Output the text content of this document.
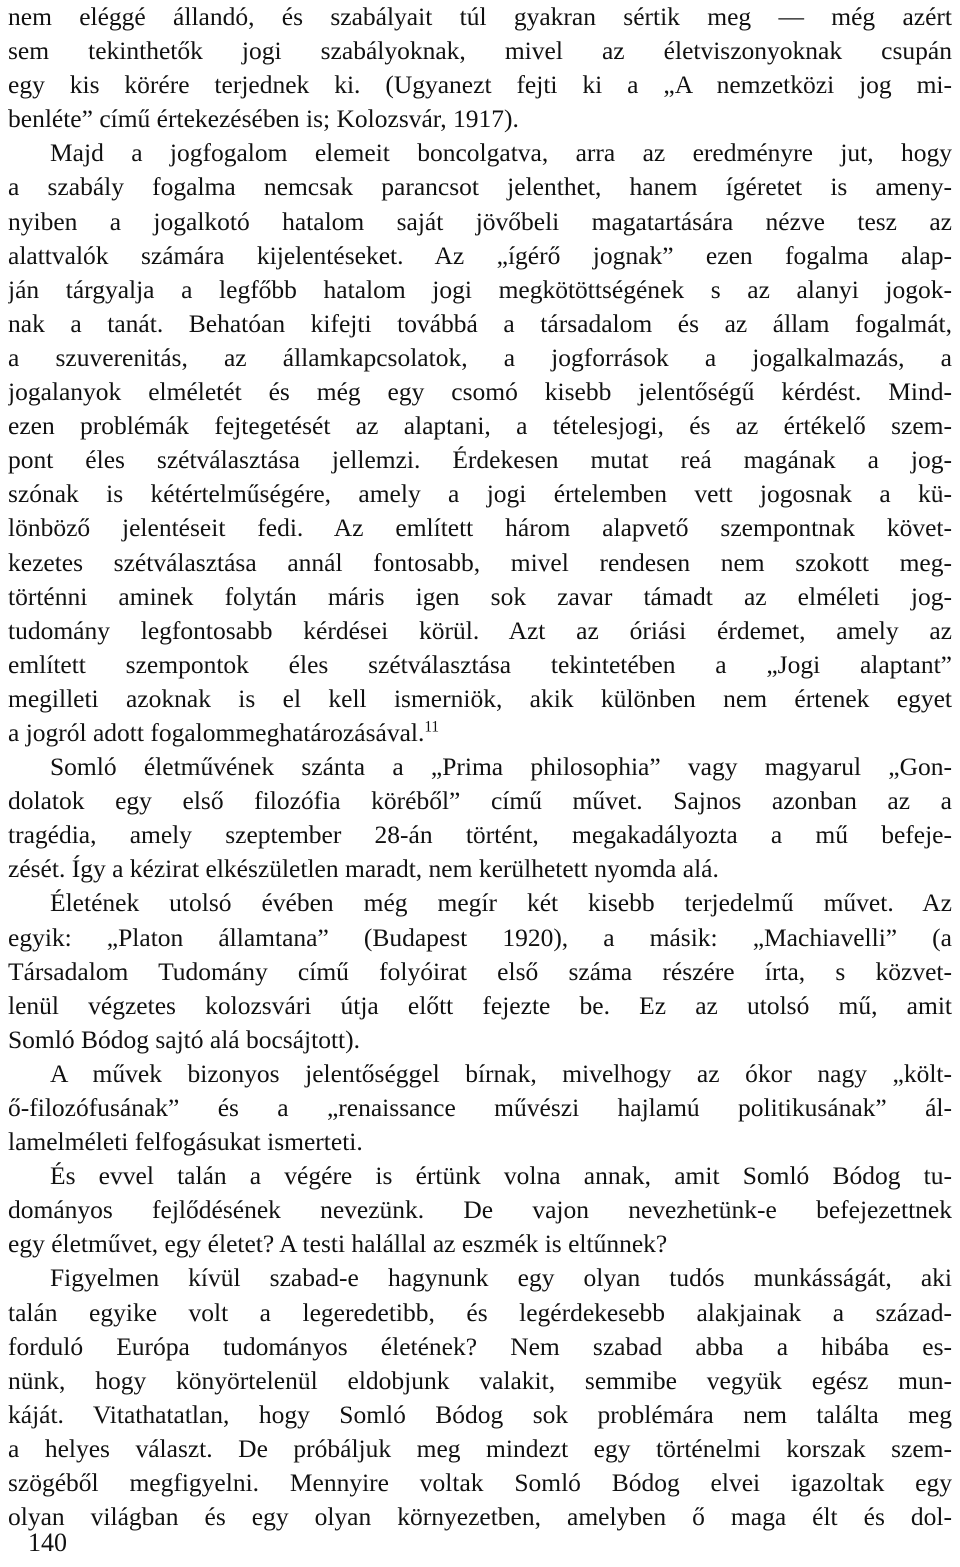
nem eléggé állandó, és szabályait túl gyakran sértik meg — még azért
sem tekinthetők jogi szabályoknak, mivel az életviszonyoknak csupán
egy kis körére terjednek ki. (Ugyanezt fejti ki a „A nemzetközi jog mi-
benléte” című értekezésében is; Kolozsvár, 1917).
Majd a jogfogalom elemeit boncolgatva, arra az eredményre jut, hogy
a szabály fogalma nemcsak parancsot jelenthet, hanem ígéretet is ameny-
nyiben a jogalkotó hatalom saját jövőbeli magatartására nézve tesz az
alattvalók számára kijelentéseket. Az „ígérő jognak” ezen fogalma alap-
ján tárgyalja a legfőbb hatalom jogi megkötöttségének s az alanyi jogok-
nak a tanát. Behatóan kifejti továbbá a társadalom és az állam fogalmát,
a szuverenitás, az államkapcsolatok, a jogforrások a jogalkalmazás, a
jogalanyok elméletét és még egy csomó kisebb jelentőségű kérdést. Mind-
ezen problémák fejtegetését az alaptani, a tételesjogi, és az értékelő szem-
pont éles szétválasztása jellemzi. Érdekesen mutat reá magának a jog-
szónak is kétértelműségére, amely a jogi értelemben vett jogosnak a kü-
lönböző jelentéseit fedi. Az említett három alapvető szempontnak követ-
kezetes szétválasztása annál fontosabb, mivel rendesen nem szokott meg-
történni aminek folytán máris igen sok zavar támadt az elméleti jog-
tudomány legfontosabb kérdései körül. Azt az óriási érdemet, amely az
említett szempontok éles szétválasztása tekintetében a „Jogi alaptant”
megilleti azoknak is el kell ismerniök, akik különben nem értenek egyet
a jogról adott fogalommeghatározásával.$^{11}$
Somló életművének szánta a „Prima philosophia” vagy magyarul „Gon-
dolatok egy első filozófia köréből” című művet. Sajnos azonban az a
tragédia, amely szeptember 28-án történt, megakadályozta a mű befeje-
zését. Így a kézirat elkészületlen maradt, nem kerülhetett nyomda alá.
Életének utolsó évében még megír két kisebb terjedelmű művet. Az
egyik: „Platon államtana” (Budapest 1920), a másik: „Machiavelli” (a
Társadalom Tudomány című folyóirat első száma részére írta, s közvet-
lenül végzetes kolozsvári útja előtt fejezte be. Ez az utolsó mű, amit
Somló Bódog sajtó alá bocsájtott).
A művek bizonyos jelentőséggel bírnak, mivelhogy az ókor nagy „költ-
ő-filozófusának” és a „renaissance művészi hajlamú politikusának” ál-
lamelméleti felfogásukat ismerteti.
És evvel talán a végére is értünk volna annak, amit Somló Bódog tu-
dományos fejlődésének nevezünk. De vajon nevezhetünk-e befejezettnek
egy életművet, egy életet? A testi halállal az eszmék is eltűnnek?
Figyelmen kívül szabad-e hagynunk egy olyan tudós munkásságát, aki
talán egyike volt a legeredetibb, és legérdekesebb alakjainak a század-
forduló Európa tudományos életének? Nem szabad abba a hibába es-
nünk, hogy könyörtelenül eldobjunk valakit, semmibe vegyük egész mun-
káját. Vitathatatlan, hogy Somló Bódog sok problémára nem találta meg
a helyes választ. De próbáljuk meg mindezt egy történelmi korszak szem-
szögéből megfigyelni. Mennyire voltak Somló Bódog elvei igazoltak egy
olyan világban és egy olyan környezetben, amelyben ő maga élt és dol-
140
